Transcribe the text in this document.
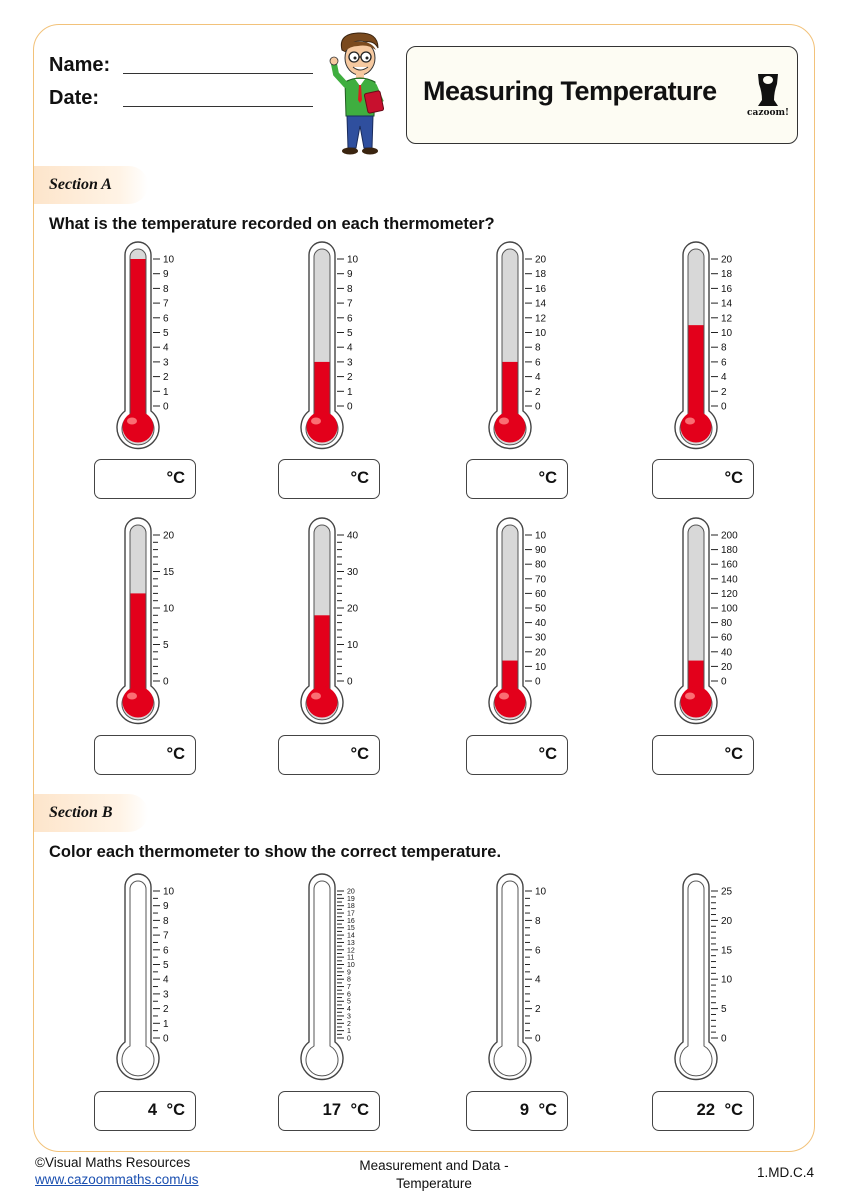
Name:
Date:	Measuring Temperature
cazoom!
Section A
What is the temperature recorded on each thermometer?
10
9
8
7
6
5
4
3
2
1
0
°C
10
9
8
7
6
5
4
3
2
1
0
°C
20
18
16
14
12
10
8
6
4
2
0
°C
20
18
16
14
12
10
8
6
4
2
0
°C
20
15
10
5
0
°C
40
30
20
10
0
°C
10
90
80
70
60
50
40
30
20
10
0
°C
200
180
160
140
120
100
80
60
40
20
0
°C
Section B
Color each thermometer to show the correct temperature.
10
9
8
7
6
5
4
3
2
1
0
4 °C
20
19
18
17
16
15
14
13
12
11
10
9
8
7
6
5
4
3
2
1
0
17 °C
10
8
6
4
2
0
9 °C
25
20
15
10
5
0
22 °C
©Visual Maths Resources
www.cazoommaths.com/us
Measurement and Data -
Temperature
1.MD.C.4
